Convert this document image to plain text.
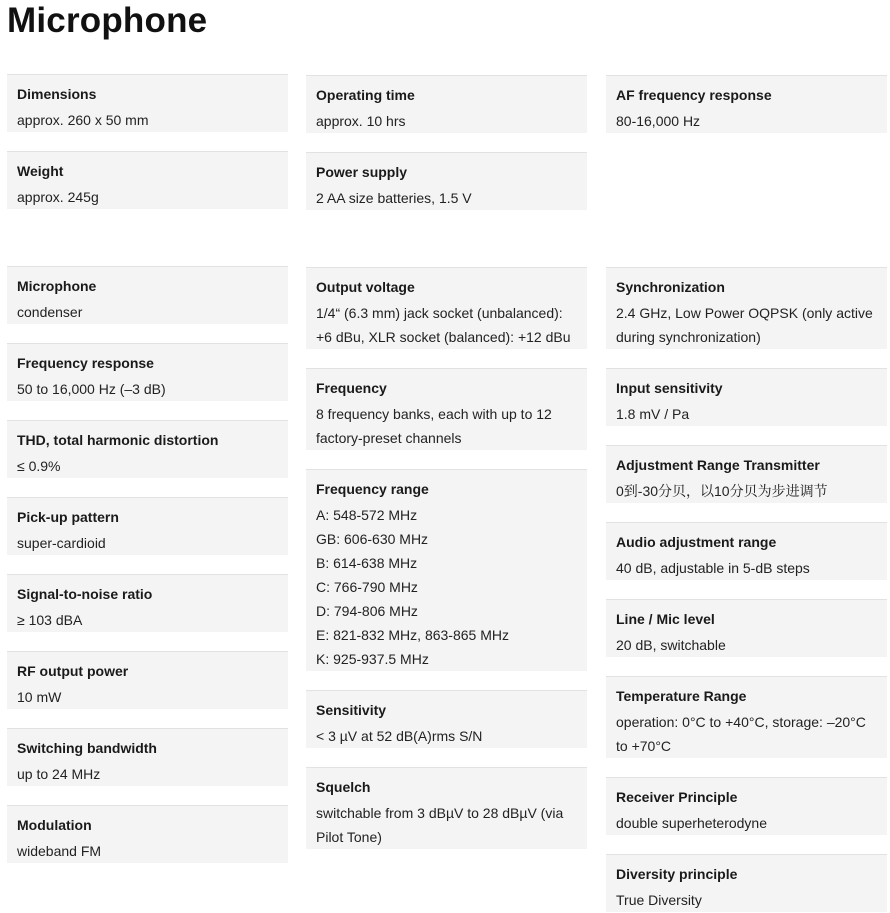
Microphone
Dimensions
approx. 260 x 50 mm
Weight
approx. 245g
Microphone
condenser
Frequency response
50 to 16,000 Hz (–3 dB)
THD, total harmonic distortion
≤ 0.9%
Pick-up pattern
super-cardioid
Signal-to-noise ratio
≥ 103 dBA
RF output power
10 mW
Switching bandwidth
up to 24 MHz
Modulation
wideband FM
Operating time
approx. 10 hrs
Power supply
2 AA size batteries, 1.5 V
Output voltage
1/4“ (6.3 mm) jack socket (unbalanced):
+6 dBu, XLR socket (balanced): +12 dBu
Frequency
8 frequency banks, each with up to 12
factory-preset channels
Frequency range
A: 548-572 MHz
GB: 606-630 MHz
B: 614-638 MHz
C: 766-790 MHz
D: 794-806 MHz
E: 821-832 MHz, 863-865 MHz
K: 925-937.5 MHz
Sensitivity
< 3 µV at 52 dB(A)rms S/N
Squelch
switchable from 3 dBµV to 28 dBµV (via
Pilot Tone)
AF frequency response
80-16,000 Hz
Synchronization
2.4 GHz, Low Power OQPSK (only active
during synchronization)
Input sensitivity
1.8 mV / Pa
Adjustment Range Transmitter
0到-30分贝，以10分贝为步进调节
Audio adjustment range
40 dB, adjustable in 5-dB steps
Line / Mic level
20 dB, switchable
Temperature Range
operation: 0°C to +40°C, storage: –20°C
to +70°C
Receiver Principle
double superheterodyne
Diversity principle
True Diversity
